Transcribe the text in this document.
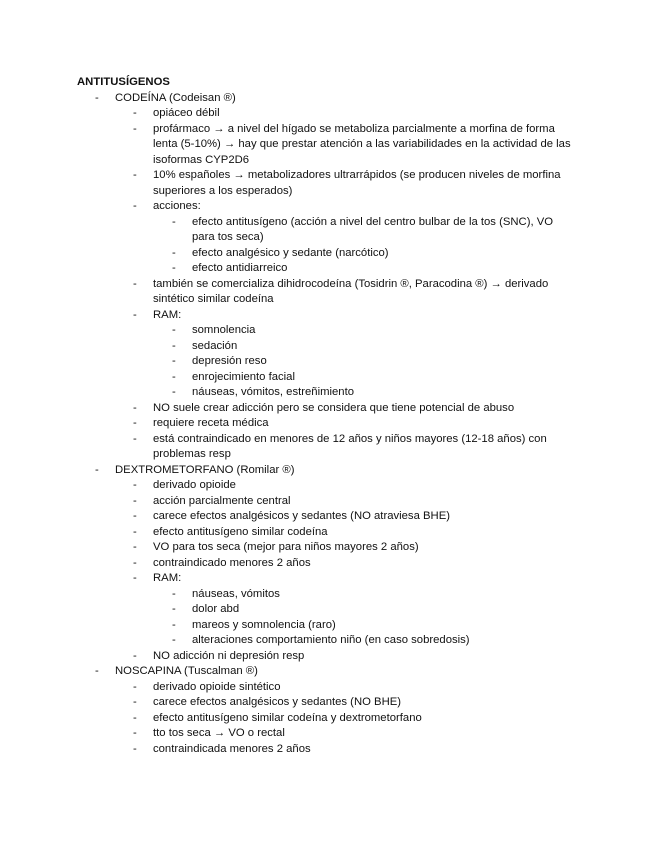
ANTITUSÍGENOS
-	CODEÍNA (Codeisan ®)
-	opiáceo débil
-	profármaco → a nivel del hígado se metaboliza parcialmente a morfina de forma lenta (5-10%) → hay que prestar atención a las variabilidades en la actividad de las isoformas CYP2D6
-	10% españoles → metabolizadores ultrarrápidos (se producen niveles de morfina superiores a los esperados)
-	acciones:
-	efecto antitusígeno (acción a nivel del centro bulbar de la tos (SNC), VO para tos seca)
-	efecto analgésico y sedante (narcótico)
-	efecto antidiarreico
-	también se comercializa dihidrocodeína (Tosidrin ®, Paracodina ®) → derivado sintético similar codeína
-	RAM:
-	somnolencia
-	sedación
-	depresión reso
-	enrojecimiento facial
-	náuseas, vómitos, estreñimiento
-	NO suele crear adicción pero se considera que tiene potencial de abuso
-	requiere receta médica
-	está contraindicado en menores de 12 años y niños mayores (12-18 años) con problemas resp
-	DEXTROMETORFANO (Romilar ®)
-	derivado opioide
-	acción parcialmente central
-	carece efectos analgésicos y sedantes (NO atraviesa BHE)
-	efecto antitusígeno similar codeína
-	VO para tos seca (mejor para niños mayores 2 años)
-	contraindicado menores 2 años
-	RAM:
-	náuseas, vómitos
-	dolor abd
-	mareos y somnolencia (raro)
-	alteraciones comportamiento niño (en caso sobredosis)
-	NO adicción ni depresión resp
-	NOSCAPINA (Tuscalman ®)
-	derivado opioide sintético
-	carece efectos analgésicos y sedantes (NO BHE)
-	efecto antitusígeno similar codeína y dextrometorfano
-	tto tos seca → VO o rectal
-	contraindicada menores 2 años
